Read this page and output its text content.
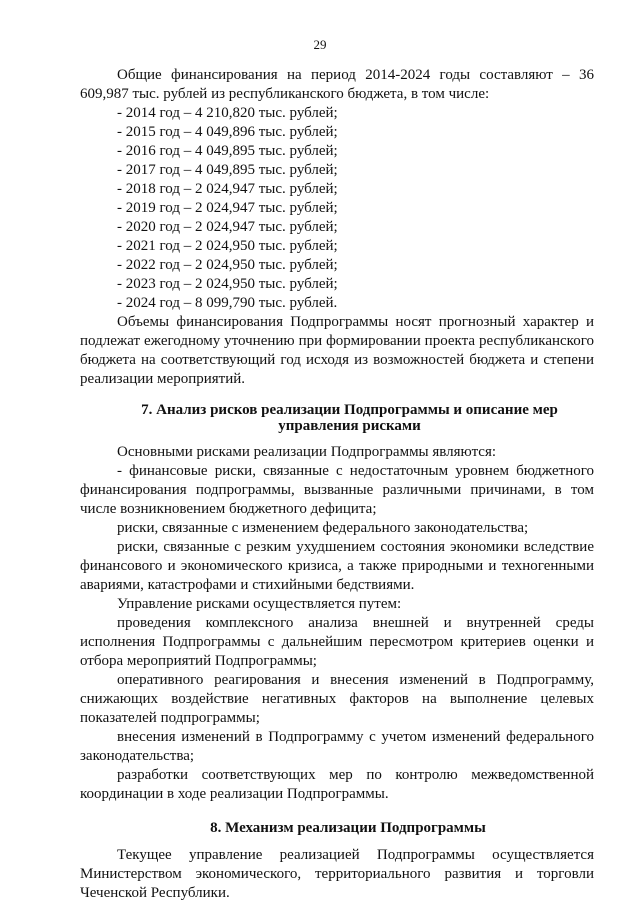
29

Общие финансирования на период 2014-2024 годы составляют – 36 609,987 тыс. рублей из республиканского бюджета, в том числе:

- 2014 год – 4 210,820 тыс. рублей;
- 2015 год – 4 049,896 тыс. рублей;
- 2016 год – 4 049,895 тыс. рублей;
- 2017 год – 4 049,895 тыс. рублей;
- 2018 год – 2 024,947 тыс. рублей;
- 2019 год – 2 024,947 тыс. рублей;
- 2020 год – 2 024,947 тыс. рублей;
- 2021 год – 2 024,950 тыс. рублей;
- 2022 год – 2 024,950 тыс. рублей;
- 2023 год – 2 024,950 тыс. рублей;
- 2024 год – 8 099,790 тыс. рублей.

Объемы финансирования Подпрограммы носят прогнозный характер и подлежат ежегодному уточнению при формировании проекта республиканского бюджета на соответствующий год исходя из возможностей бюджета и степени реализации мероприятий.

7. Анализ рисков реализации Подпрограммы и описание мер управления рисками

Основными рисками реализации Подпрограммы являются:

- финансовые риски, связанные с недостаточным уровнем бюджетного финансирования подпрограммы, вызванные различными причинами, в том числе возникновением бюджетного дефицита;

риски, связанные с изменением федерального законодательства;

риски, связанные с резким ухудшением состояния экономики вследствие финансового и экономического кризиса, а также природными и техногенными авариями, катастрофами и стихийными бедствиями.

Управление рисками осуществляется путем:

проведения комплексного анализа внешней и внутренней среды исполнения Подпрограммы с дальнейшим пересмотром критериев оценки и отбора мероприятий Подпрограммы;

оперативного реагирования и внесения изменений в Подпрограмму, снижающих воздействие негативных факторов на выполнение целевых показателей подпрограммы;

внесения изменений в Подпрограмму с учетом изменений федерального законодательства;

разработки соответствующих мер по контролю межведомственной координации в ходе реализации Подпрограммы.

8. Механизм реализации Подпрограммы

Текущее управление реализацией Подпрограммы осуществляется Министерством экономического, территориального развития и торговли Чеченской Республики.
